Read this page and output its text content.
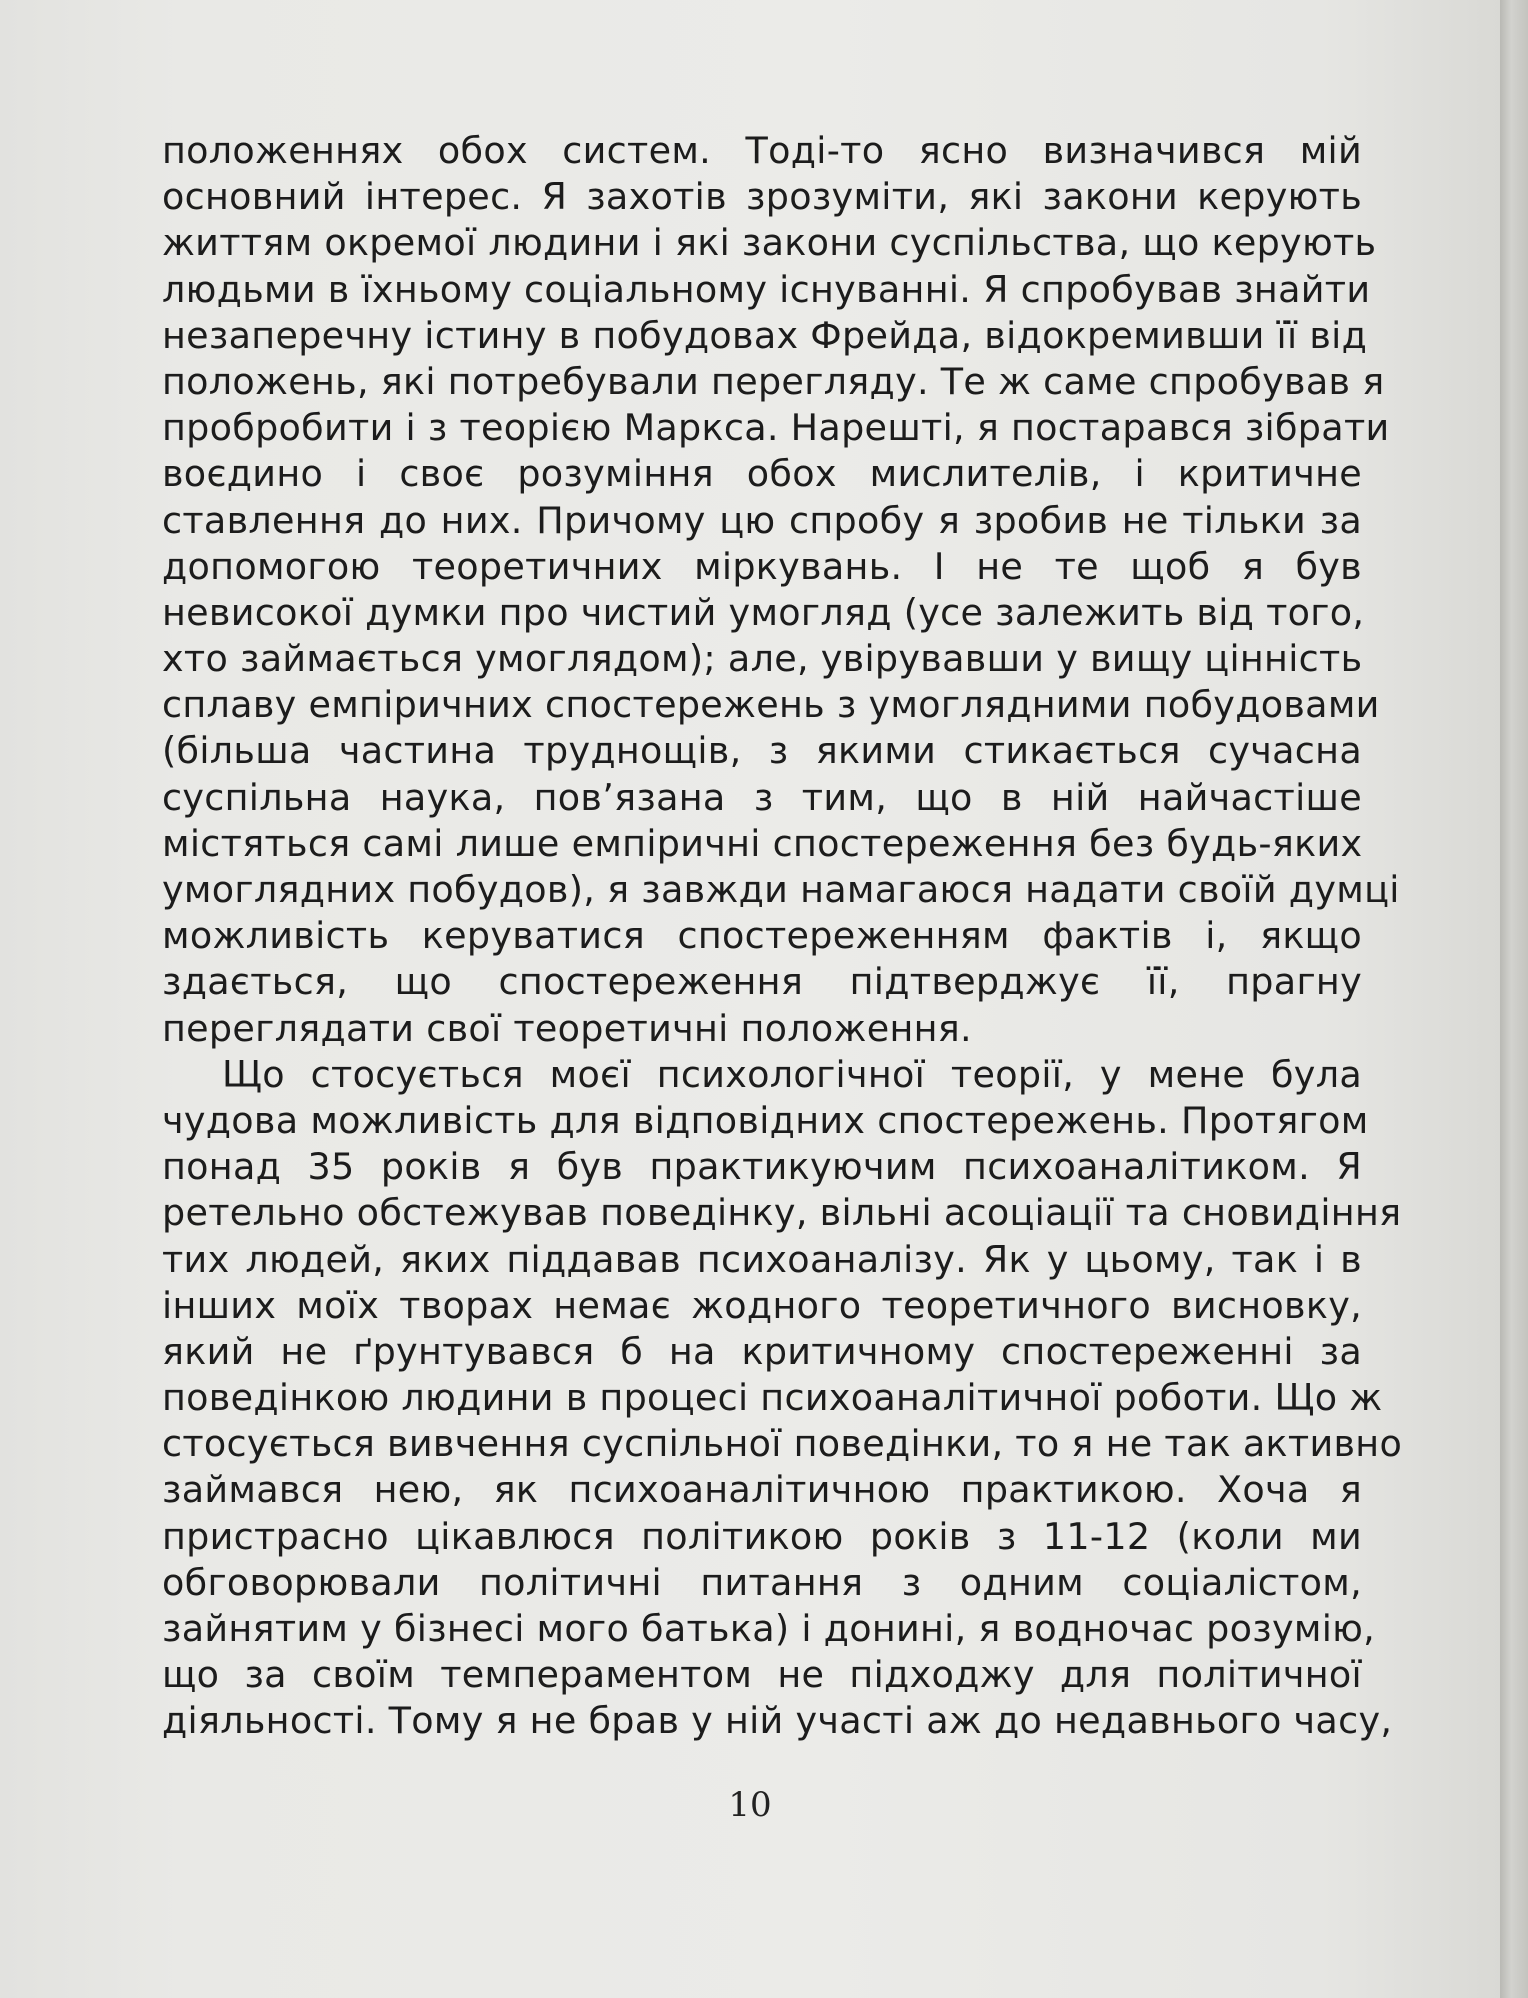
положеннях обох систем. Тоді-то ясно визначився мій
основний інтерес. Я захотів зрозуміти, які закони керують
життям окремої людини і які закони суспільства, що керують
людьми в їхньому соціальному існуванні. Я спробував знайти
незаперечну істину в побудовах Фрейда, відокремивши її від
положень, які потребували перегляду. Те ж саме спробував я
пробробити і з теорією Маркса. Нарешті, я постарався зібрати
воєдино і своє розуміння обох мислителів, і критичне
ставлення до них. Причому цю спробу я зробив не тільки за
допомогою теоретичних міркувань. І не те щоб я був
невисокої думки про чистий умогляд (усе залежить від того,
хто займається умоглядом); але, увірувавши у вищу цінність
сплаву емпіричних спостережень з умоглядними побудовами
(більша частина труднощів, з якими стикається сучасна
суспільна наука, пов’язана з тим, що в ній найчастіше
містяться самі лише емпіричні спостереження без будь-яких
умоглядних побудов), я завжди намагаюся надати своїй думці
можливість керуватися спостереженням фактів і, якщо
здається, що спостереження підтверджує її, прагну
переглядати свої теоретичні положення.
Що стосується моєї психологічної теорії, у мене була
чудова можливість для відповідних спостережень. Протягом
понад 35 років я був практикуючим психоаналітиком. Я
ретельно обстежував поведінку, вільні асоціації та сновидіння
тих людей, яких піддавав психоаналізу. Як у цьому, так і в
інших моїх творах немає жодного теоретичного висновку,
який не ґрунтувався б на критичному спостереженні за
поведінкою людини в процесі психоаналітичної роботи. Що ж
стосується вивчення суспільної поведінки, то я не так активно
займався нею, як психоаналітичною практикою. Хоча я
пристрасно цікавлюся політикою років з 11-12 (коли ми
обговорювали політичні питання з одним соціалістом,
зайнятим у бізнесі мого батька) і донині, я водночас розумію,
що за своїм темпераментом не підходжу для політичної
діяльності. Тому я не брав у ній участі аж до недавнього часу,
10
